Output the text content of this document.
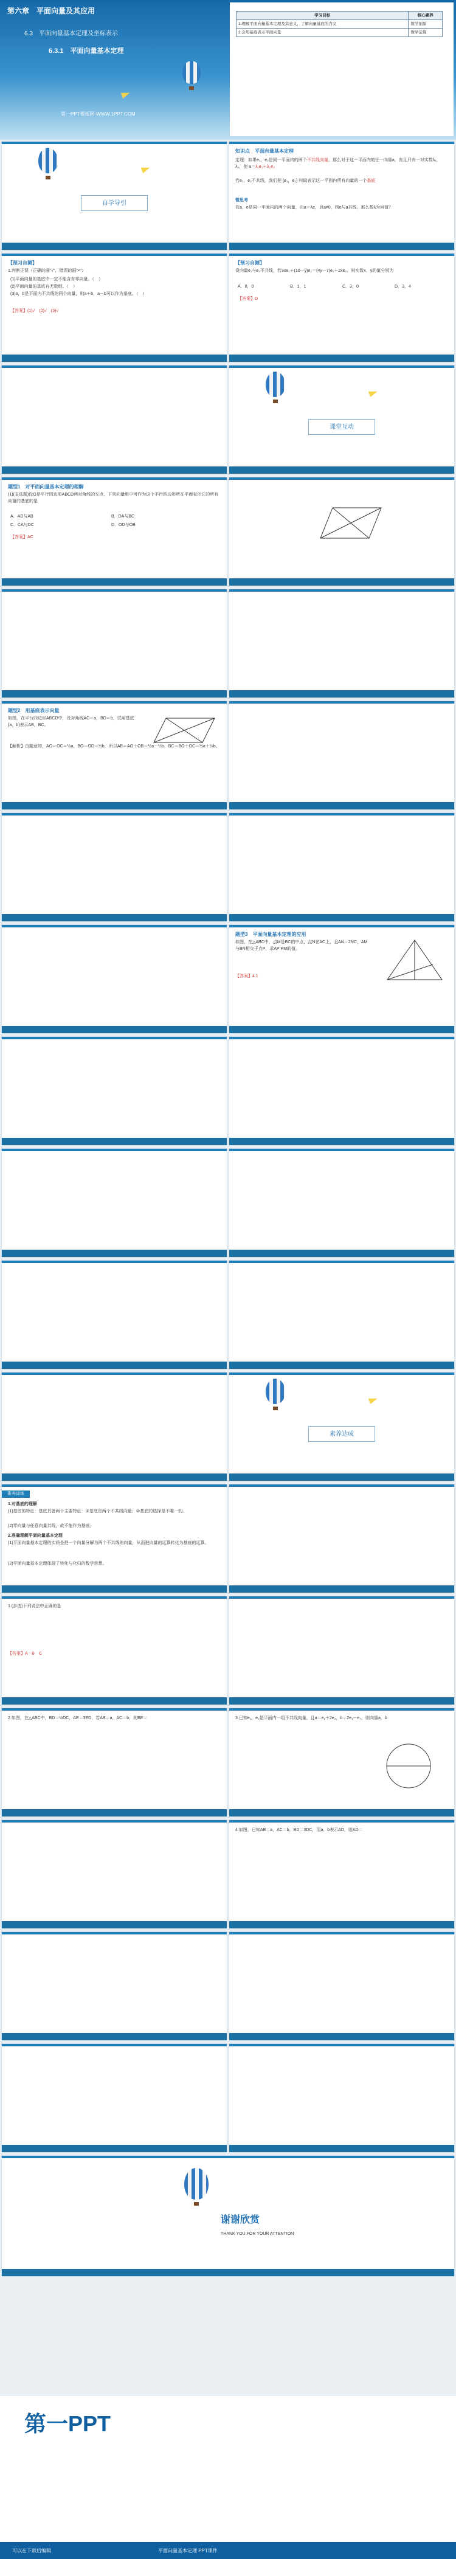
第六章　平面向量及其应用
6.3　平面向量基本定理及坐标表示
6.3.1　平面向量基本定理
第一PPT模板网-WWW.1PPT.COM
学习目标	核心素养
1.理解平面向量基本定理及其意义，了解向量基底的含义	数学抽象
2.会用基底表示平面向量	数学运算
自学导引
知识点　 平面向量基本定理
定理：如果e₁，e₂是同一平面内的两个不共线向量，那么对于这一平面内的任一向量a，有且只有一对实数λ₁，λ₂，使 a＝λ₁e₁＋λ₂e₂
若e₁，e₂不共线，我们把 {e₁，e₂} 叫做表示这一平面内所有向量的一个基底
微思考
若a，e是同一平面内的两个向量，由a＝λe，且a≠0，则e与a共线，那么数λ为何值？
【预习自测】
1.判断正误（正确的画“√”，错误的画“×”）
(1)平面向量的基底中一定不能含有零向量。（　）
(2)平面向量的基底有无数组。（　）
(3)a，b是平面内不共线的两个向量，则a＋b，a－b可以作为基底。（　）
【答案】(1)√　(2)√　(3)√
【预习自测】
设向量e₁与e₂不共线，若3xe₁＋(10－y)e₂＝(4y－7)e₁＋2xe₂，则实数x，y的值分别为
A．0，0	B．1，1	C．3，0	D．3，4
【答案】D
课堂互动
题型1　对平面向量基本定理的理解
(1)(多选题)设O是平行四边形ABCD两对角线的交点，下列向量组中可作为这个平行四边形所在平面表示它的所有向量的基底的是
A．AD与AB	B．DA与BC
C．CA与DC	D．OD与OB
【答案】AC
题型2　用基底表示向量
如图，在平行四边形ABCD中，设对角线AC＝a，BD＝b，试用基底{a，b}表示AB，BC。
【解析】由题意知，AO＝OC＝½a，BO＝OD＝½b，所以AB＝AO＋OB＝½a－½b，BC＝BO＋OC＝½a＋½b。
题型3　平面向量基本定理的应用
如图，在△ABC中，点M是BC的中点，点N在AC上，且AN＝2NC，AM与BN相交于点P，求AP∶PM的值。
【答案】4∶1
素养达成
素养训练
1.对基底的理解
(1)基底的特征：基底具备两个主要特征：①基底是两个不共线向量；②基底的选择是不唯一的。
(2)零向量与任意向量共线，故不能作为基底。
2.准确理解平面向量基本定理
(1)平面向量基本定理的实质是把一个向量分解为两个不共线的向量，从而把向量的运算转化为基底的运算。
(2)平面向量基本定理体现了转化与化归的数学思想。
1.(多选)下列说法中正确的是
【答案】A　B　C
2.如图，在△ABC中，BD＝½DC，AE＝3ED，若AB＝a，AC＝b，则BE＝	3.已知e₁，e₂是平面内一组不共线向量，且a＝e₁＋2e₂，b＝2e₁－e₂，则向量a，b
4.如图，已知AB＝a，AC＝b，BD＝3DC，用a，b表示AD，则AD＝
谢谢欣赏
THANK YOU FOR YOUR ATTENTION
第一PPT
可以在下载后编辑	平面向量基本定理 PPT课件
